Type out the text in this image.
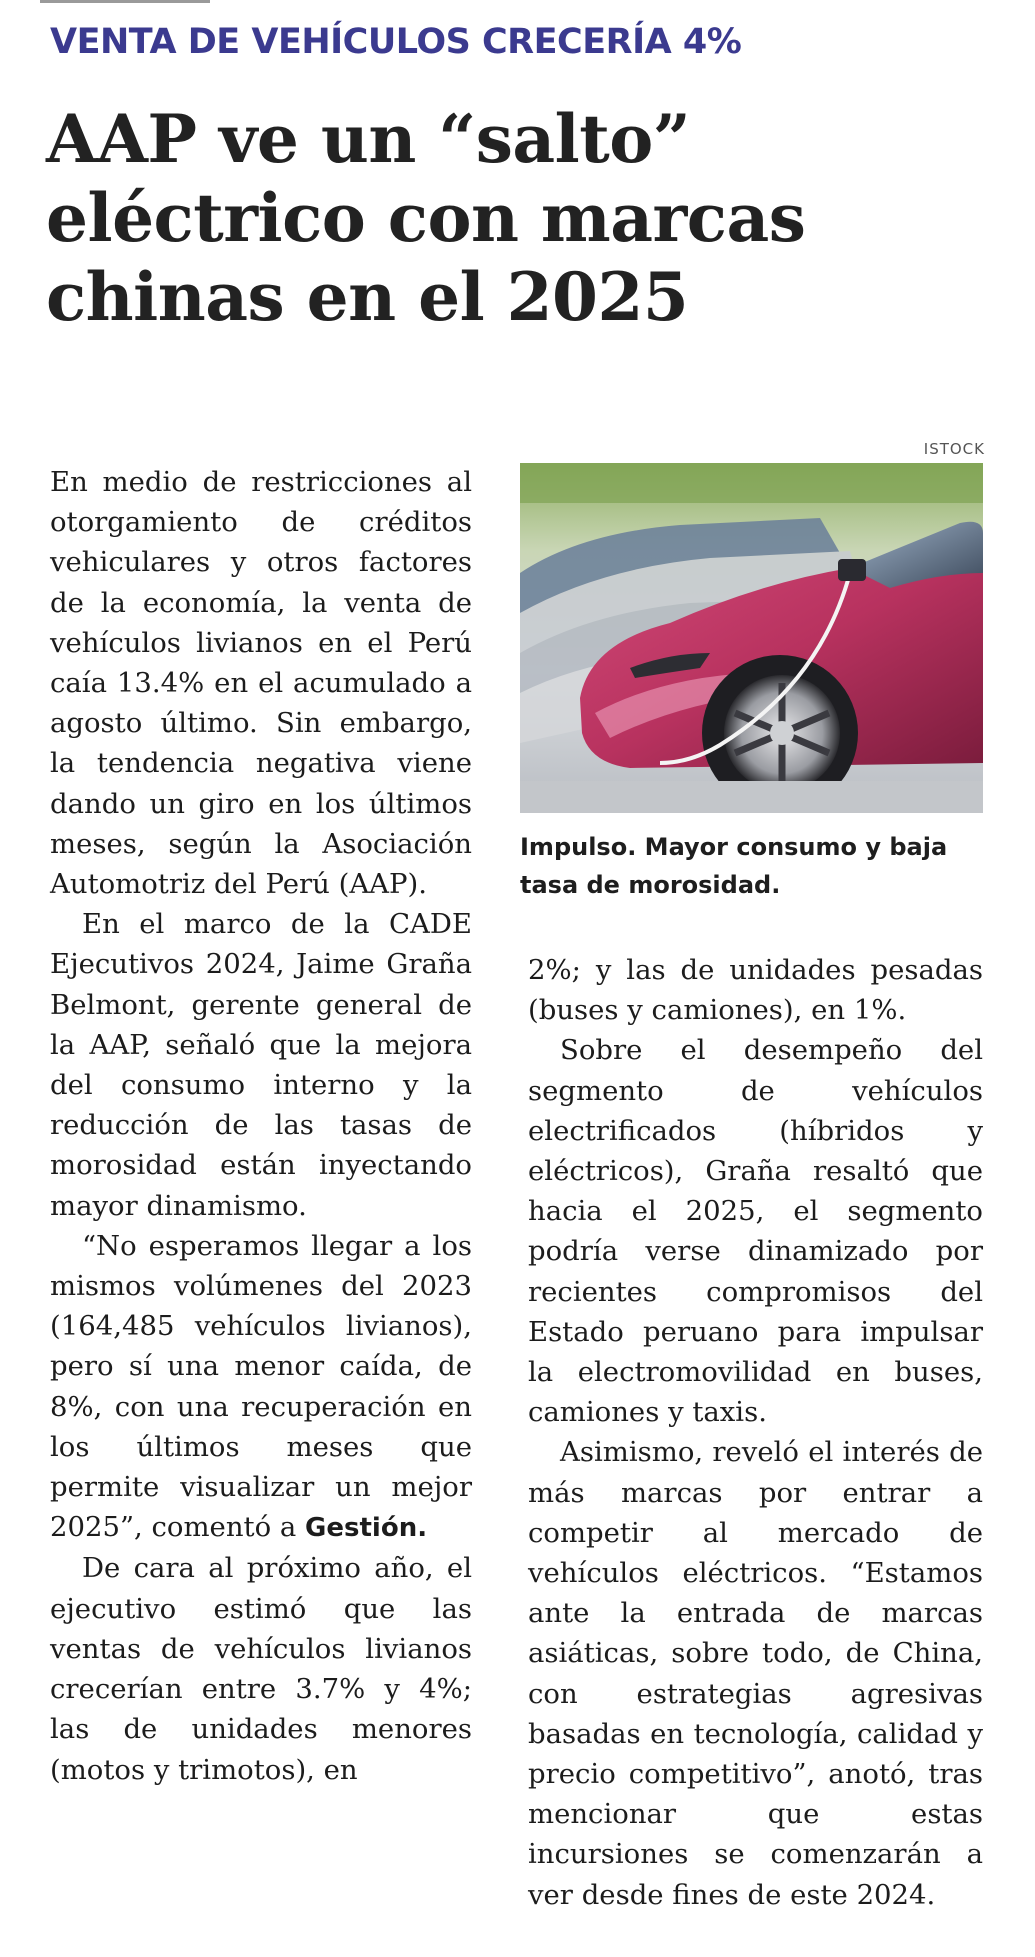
VENTA DE VEHÍCULOS CRECERÍA 4%
AAP ve un “salto”
eléctrico con marcas
chinas en el 2025

En medio de restricciones al otorgamiento de créditos vehiculares y otros factores de la economía, la venta de vehículos livianos en el Perú caía 13.4% en el acumulado a agosto último. Sin embargo, la tendencia negativa viene dando un giro en los últimos meses, según la Asociación Automotriz del Perú (AAP).

En el marco de la CADE Ejecutivos 2024, Jaime Graña Belmont, gerente general de la AAP, señaló que la mejora del consumo interno y la reducción de las tasas de morosidad están inyectando mayor dinamismo.

“No esperamos llegar a los mismos volúmenes del 2023 (164,485 vehículos livianos), pero sí una menor caída, de 8%, con una recuperación en los últimos meses que permite visualizar un mejor 2025”, comentó a Gestión.

De cara al próximo año, el ejecutivo estimó que las ventas de vehículos livianos crecerían entre 3.7% y 4%; las de unidades menores (motos y trimotos), en

ISTOCK
Impulso. Mayor consumo y baja tasa de morosidad.

2%; y las de unidades pesadas (buses y camiones), en 1%.

Sobre el desempeño del segmento de vehículos electrificados (híbridos y eléctricos), Graña resaltó que hacia el 2025, el segmento podría verse dinamizado por recientes compromisos del Estado peruano para impulsar la electromovilidad en buses, camiones y taxis.

Asimismo, reveló el interés de más marcas por entrar a competir al mercado de vehículos eléctricos. “Estamos ante la entrada de marcas asiáticas, sobre todo, de China, con estrategias agresivas basadas en tecnología, calidad y precio competitivo”, anotó, tras mencionar que estas incursiones se comenzarán a ver desde fines de este 2024.
